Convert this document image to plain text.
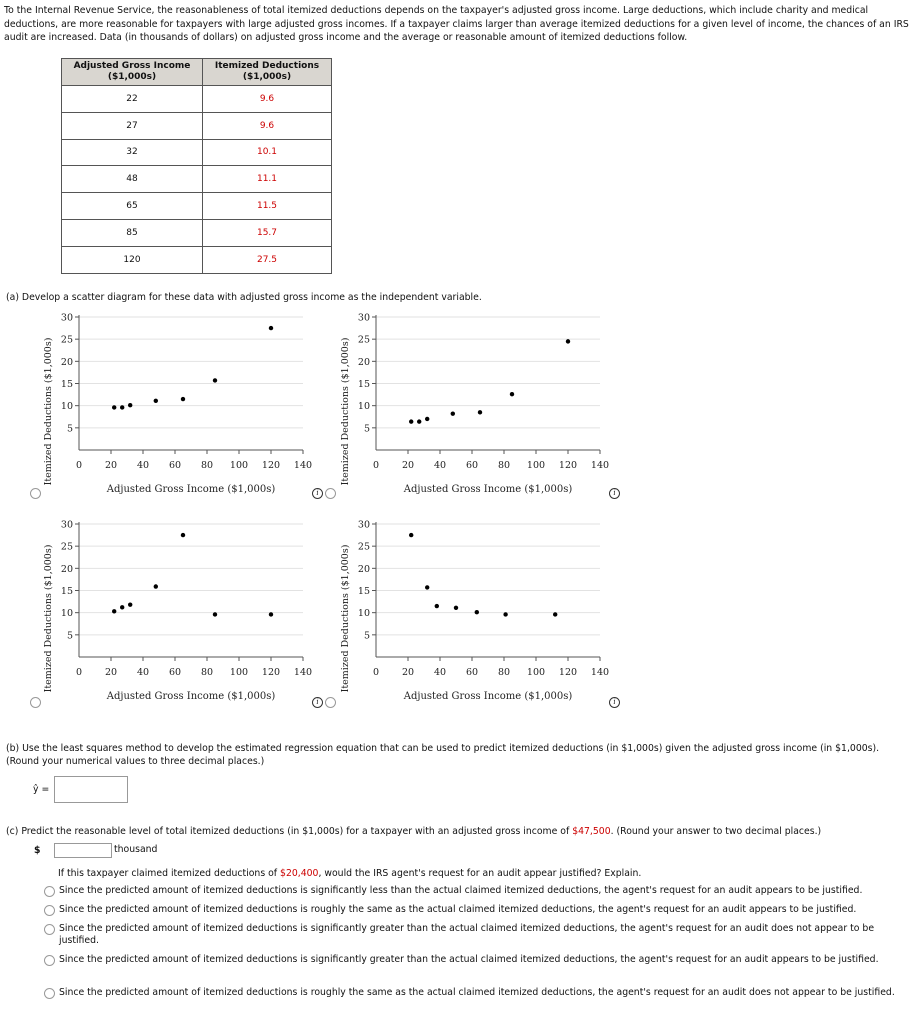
To the Internal Revenue Service, the reasonableness of total itemized deductions depends on the taxpayer's adjusted gross income. Large deductions, which include charity and medical deductions, are more reasonable for taxpayers with large adjusted gross incomes. If a taxpayer claims larger than average itemized deductions for a given level of income, the chances of an IRS audit are increased. Data (in thousands of dollars) on adjusted gross income and the average or reasonable amount of itemized deductions follow.
Adjusted Gross Income ($1,000s)	Itemized Deductions ($1,000s)
22	9.6
27	9.6
32	10.1
48	11.1
65	11.5
85	15.7
120	27.5
(a) Develop a scatter diagram for these data with adjusted gross income as the independent variable.
5
10
15
20
25
30
0 20 40 60 80 100 120 140
Adjusted Gross Income ($1,000s)
Itemized Deductions ($1,000s)	5
10
15
20
25
30
0 20 40 60 80 100 120 140
Adjusted Gross Income ($1,000s)
Itemized Deductions ($1,000s)
5
10
15
20
25
30
0 20 40 60 80 100 120 140
Adjusted Gross Income ($1,000s)
Itemized Deductions ($1,000s)	5
10
15
20
25
30
0 20 40 60 80 100 120 140
Adjusted Gross Income ($1,000s)
Itemized Deductions ($1,000s)
i	i
i	i
(b) Use the least squares method to develop the estimated regression equation that can be used to predict itemized deductions (in $1,000s) given the adjusted gross income (in $1,000s). (Round your numerical values to three decimal places.)
ŷ =
(c) Predict the reasonable level of total itemized deductions (in $1,000s) for a taxpayer with an adjusted gross income of $47,500. (Round your answer to two decimal places.)
$	thousand
If this taxpayer claimed itemized deductions of $20,400, would the IRS agent's request for an audit appear justified? Explain.
Since the predicted amount of itemized deductions is significantly less than the actual claimed itemized deductions, the agent's request for an audit appears to be justified.
Since the predicted amount of itemized deductions is roughly the same as the actual claimed itemized deductions, the agent's request for an audit appears to be justified.
Since the predicted amount of itemized deductions is significantly greater than the actual claimed itemized deductions, the agent's request for an audit does not appear to be justified.
Since the predicted amount of itemized deductions is significantly greater than the actual claimed itemized deductions, the agent's request for an audit appears to be justified.
Since the predicted amount of itemized deductions is roughly the same as the actual claimed itemized deductions, the agent's request for an audit does not appear to be justified.
